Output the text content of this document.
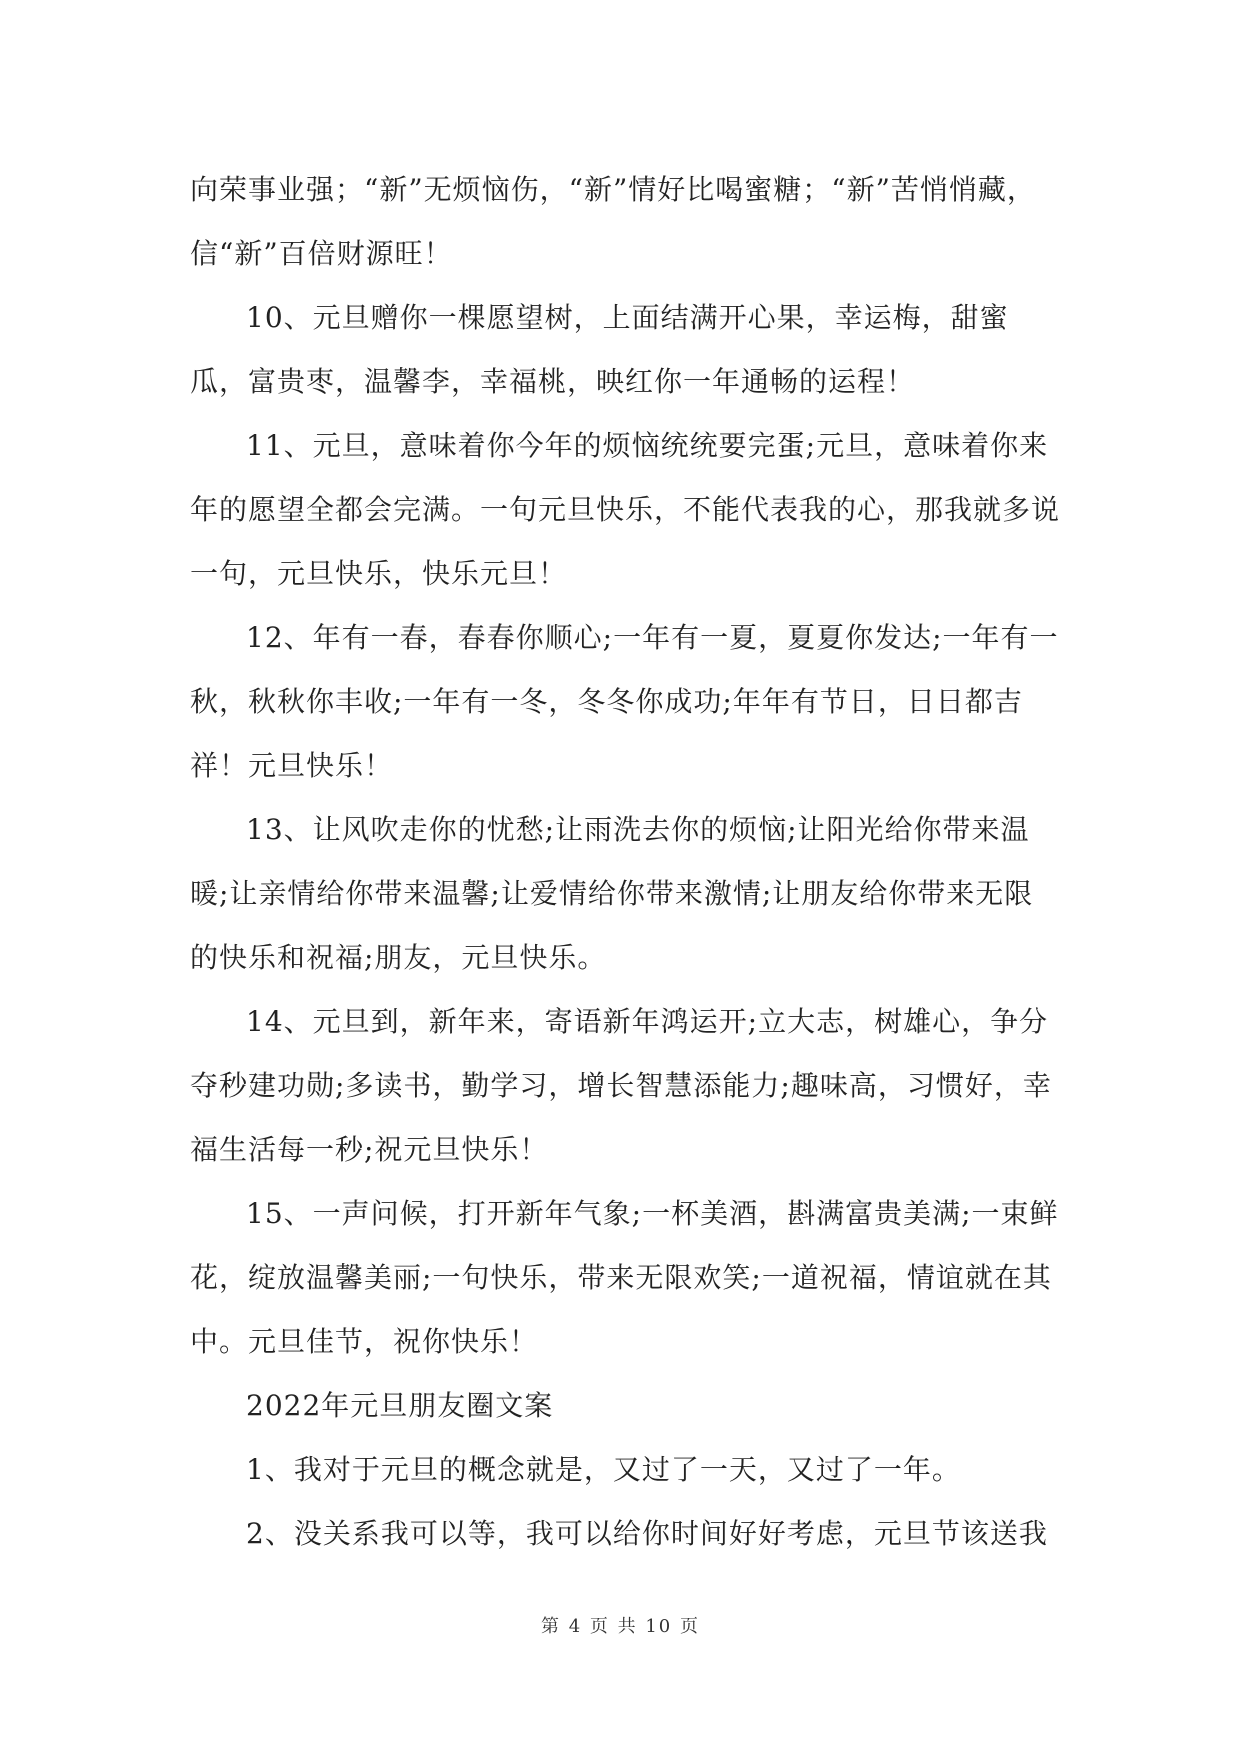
向荣事业强；“新”无烦恼伤，“新”情好比喝蜜糖；“新”苦悄悄藏，信“新”百倍财源旺！

10、元旦赠你一棵愿望树，上面结满开心果，幸运梅，甜蜜瓜，富贵枣，温馨李，幸福桃，映红你一年通畅的运程！

11、元旦，意味着你今年的烦恼统统要完蛋;元旦，意味着你来年的愿望全都会完满。一句元旦快乐，不能代表我的心，那我就多说一句，元旦快乐，快乐元旦！

12、年有一春，春春你顺心;一年有一夏，夏夏你发达;一年有一秋，秋秋你丰收;一年有一冬，冬冬你成功;年年有节日，日日都吉祥！元旦快乐！

13、让风吹走你的忧愁;让雨洗去你的烦恼;让阳光给你带来温暖;让亲情给你带来温馨;让爱情给你带来激情;让朋友给你带来无限的快乐和祝福;朋友，元旦快乐。

14、元旦到，新年来，寄语新年鸿运开;立大志，树雄心，争分夺秒建功勋;多读书，勤学习，增长智慧添能力;趣味高，习惯好，幸福生活每一秒;祝元旦快乐！

15、一声问候，打开新年气象;一杯美酒，斟满富贵美满;一束鲜花，绽放温馨美丽;一句快乐，带来无限欢笑;一道祝福，情谊就在其中。元旦佳节，祝你快乐！

2022年元旦朋友圈文案

1、我对于元旦的概念就是，又过了一天，又过了一年。

2、没关系我可以等，我可以给你时间好好考虑，元旦节该送我

第 4 页 共 10 页
